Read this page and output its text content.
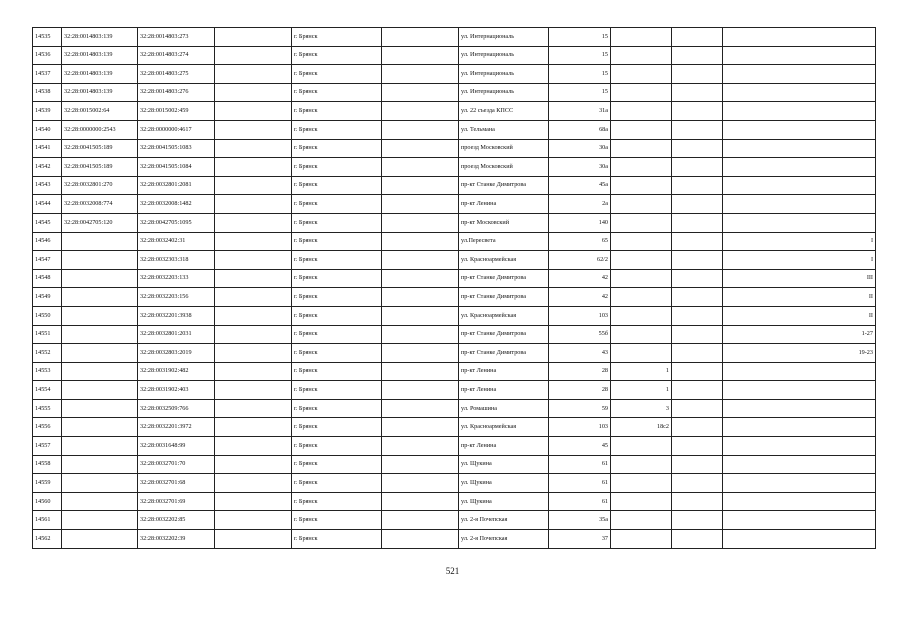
14535	32:28:0014803:139	32:28:0014803:273		г. Брянск		ул. Интернациональ	15			
14536	32:28:0014803:139	32:28:0014803:274		г. Брянск		ул. Интернациональ	15			
14537	32:28:0014803:139	32:28:0014803:275		г. Брянск		ул. Интернациональ	15			
14538	32:28:0014803:139	32:28:0014803:276		г. Брянск		ул. Интернациональ	15			
14539	32:28:0015002:64	32:28:0015002:459		г. Брянск		ул. 22 съезда КПСС	31а			
14540	32:28:0000000:2543	32:28:0000000:4617		г. Брянск		ул. Тельмана	68а			
14541	32:28:0041505:189	32:28:0041505:1083		г. Брянск		проезд Московский	30а			
14542	32:28:0041505:189	32:28:0041505:1084		г. Брянск		проезд Московский	30а			
14543	32:28:0032801:270	32:28:0032801:2081		г. Брянск		пр-кт Станке Димитрова	45а			
14544	32:28:0032008:774	32:28:0032008:1482		г. Брянск		пр-кт Ленина	2а			
14545	32:28:0042705:120	32:28:0042705:1095		г. Брянск		пр-кт Московский	140			
14546		32:28:0032402:31		г. Брянск		ул.Пересвета	65			I
14547		32:28:0032303:318		г. Брянск		ул. Красноармейская	62/2			I
14548		32:28:0032203:133		г. Брянск		пр-кт Станке Димитрова	42			III
14549		32:28:0032203:156		г. Брянск		пр-кт Станке Димитрова	42			II
14550		32:28:0032201:3938		г. Брянск		ул. Красноармейская	103			II
14551		32:28:0032801:2031		г. Брянск		пр-кт Станке Димитрова	55б			1-27
14552		32:28:0032803:2019		г. Брянск		пр-кт Станке Димитрова	43			19-23
14553		32:28:0031902:482		г. Брянск		пр-кт Ленина	28	1		
14554		32:28:0031902:403		г. Брянск		пр-кт Ленина	28	1		
14555		32:28:0032509:766		г. Брянск		ул. Ромашина	59	3		
14556		32:28:0032201:3972		г. Брянск		ул. Красноармейская	103	18с2		
14557		32:28:0031648:99		г. Брянск		пр-кт Ленина	45			
14558		32:28:0032701:70		г. Брянск		ул. Щукина	61			
14559		32:28:0032701:68		г. Брянск		ул. Щукина	61			
14560		32:28:0032701:69		г. Брянск		ул. Щукина	61			
14561		32:28:0032202:85		г. Брянск		ул. 2-я Почепская	35а			
14562		32:28:0032202:39		г. Брянск		ул. 2-я Почепская	37			
521
